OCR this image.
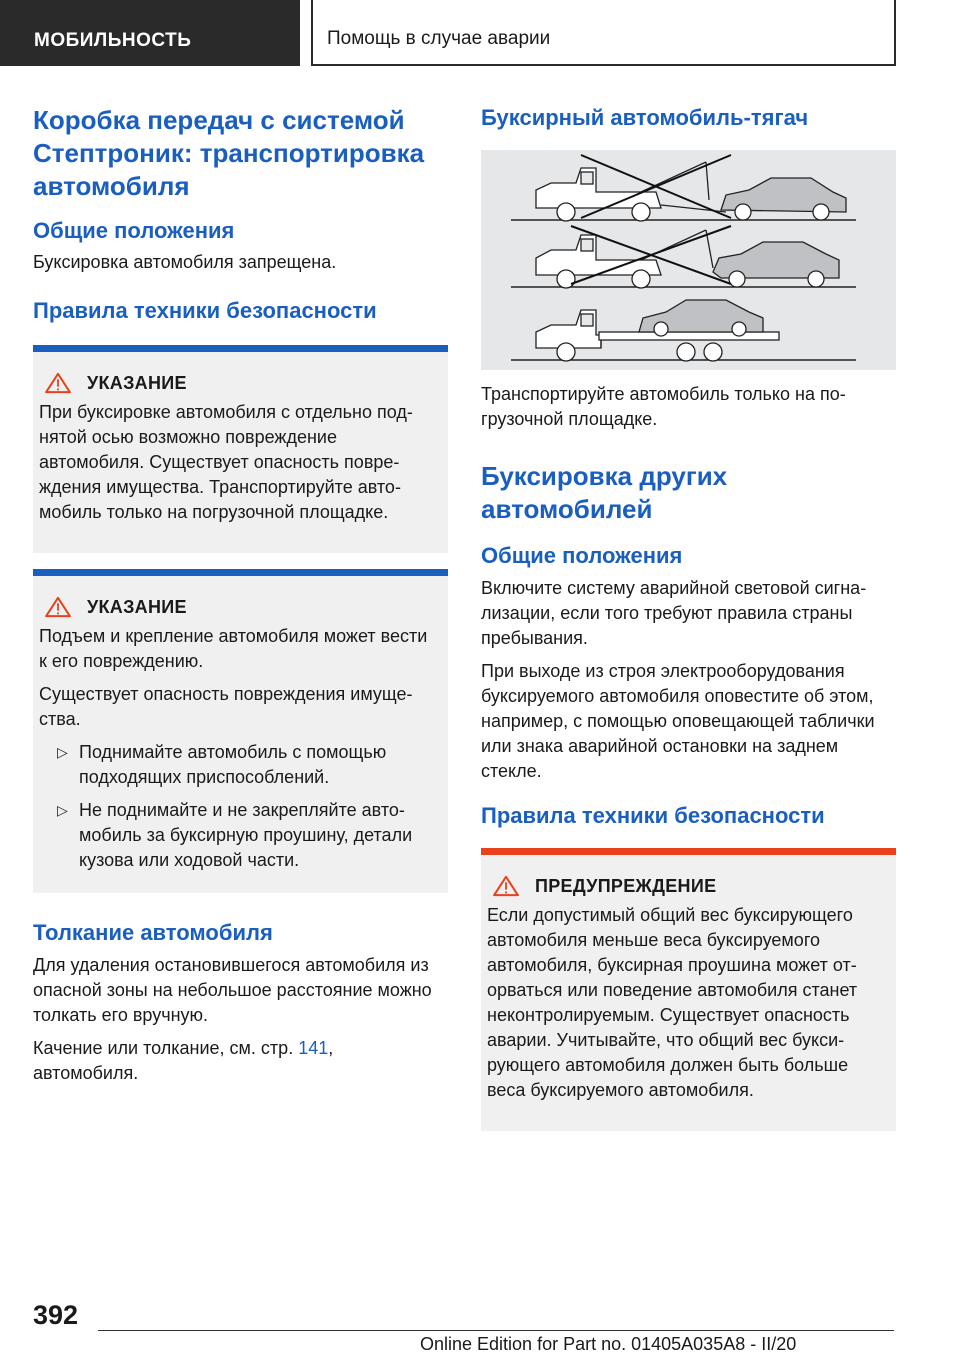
МОБИЛЬНОСТЬ	Помощь в случае аварии
Коробка передач с системой Стептроник: транспортировка автомобиля
Общие положения

Буксировка автомобиля запрещена.

Правила техники безопасности
УКАЗАНИЕ

При буксировке автомобиля с отдельно поднятой осью возможно повреждение автомобиля. Существует опасность повреждения имущества. Транспортируйте автомобиль только на погрузочной площадке.

УКАЗАНИЕ

Подъем и крепление автомобиля может вести к его повреждению.

Существует опасность повреждения имущества.

▷ Поднимайте автомобиль с помощью подходящих приспособлений.
▷ Не поднимайте и не закрепляйте автомобиль за буксирную проушину, детали кузова или ходовой части.
Толкание автомобиля

Для удаления остановившегося автомобиля из опасной зоны на небольшое расстояние можно толкать его вручную.

Качение или толкание, см. стр. 141,
автомобиля.

Буксирный автомобиль-тягач

Транспортируйте автомобиль только на погрузочной площадке.

Буксировка других автомобилей
Общие положения

Включите систему аварийной световой сигнализации, если того требуют правила страны пребывания.

При выходе из строя электрооборудования буксируемого автомобиля оповестите об этом, например, с помощью оповещающей таблички или знака аварийной остановки на заднем стекле.

Правила техники безопасности
ПРЕДУПРЕЖДЕНИЕ

Если допустимый общий вес буксирующего автомобиля меньше веса буксируемого автомобиля, буксирная проушина может оторваться или поведение автомобиля станет неконтролируемым. Существует опасность аварии. Учитывайте, что общий вес буксирующего автомобиля должен быть больше веса буксируемого автомобиля.

392
Online Edition for Part no. 01405A035A8 - II/20
